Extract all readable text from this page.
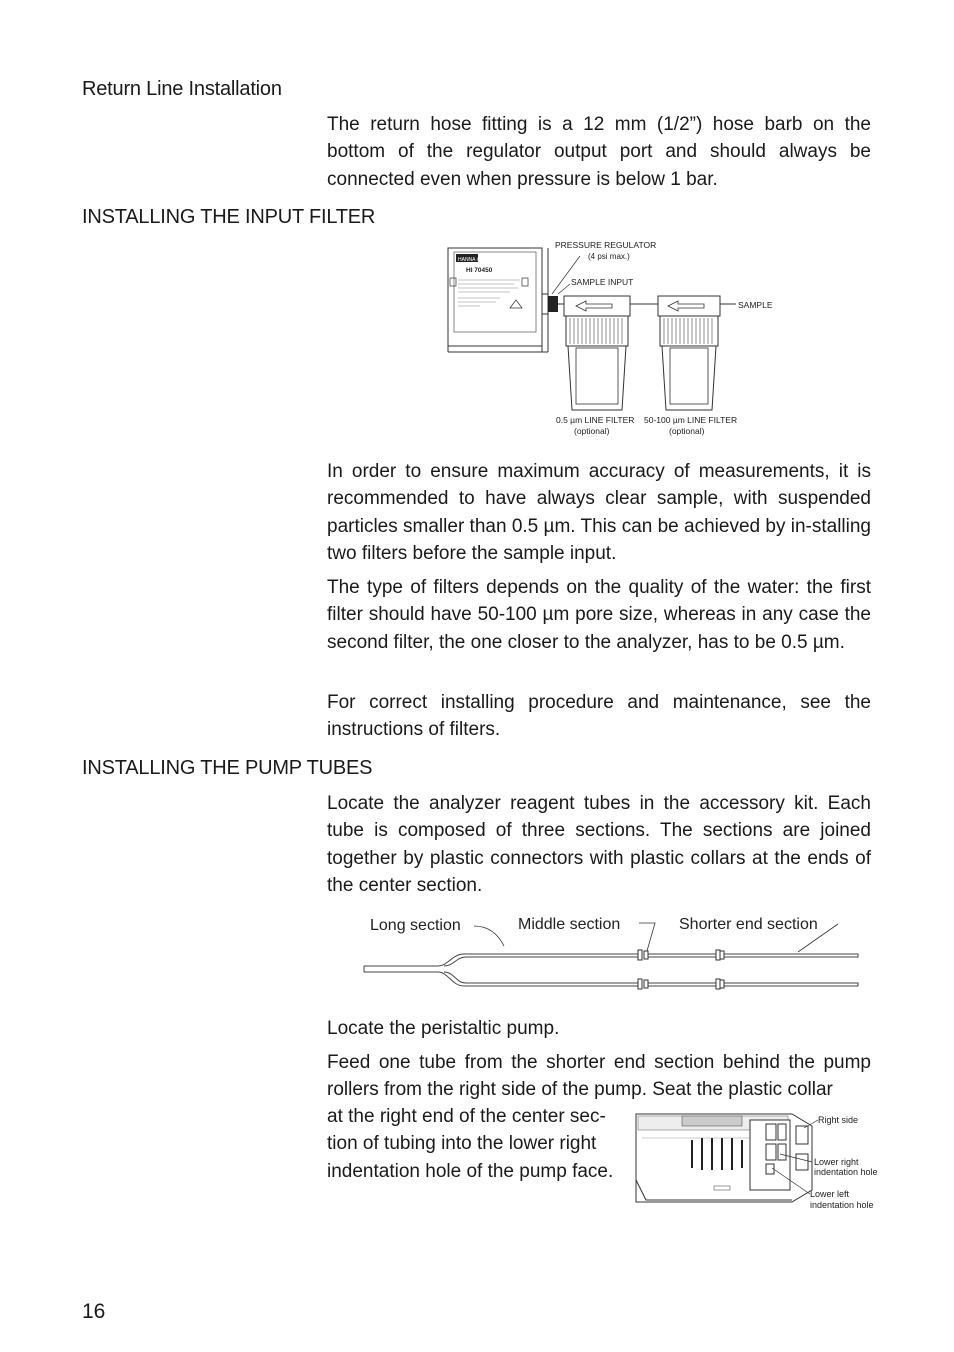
Return Line Installation

The return hose fitting is a 12 mm (1/2”) hose barb on the bottom of the regulator output port and should always be connected even when pressure is below 1 bar.

INSTALLING THE INPUT FILTER
HANNA instruments
HI 70450
PRESSURE REGULATOR
(4 psi max.)
SAMPLE INPUT
SAMPLE
0.5 µm LINE FILTER
(optional)
50-100 µm LINE FILTER
(optional)

In order to ensure maximum accuracy of measurements, it is recommended to have always clear sample, with suspended particles smaller than 0.5 µm. This can be achieved by in-stalling two filters before the sample input.

The type of filters depends on the quality of the water: the first filter should have 50-100 µm pore size, whereas in any case the second filter, the one closer to the analyzer, has to be 0.5 µm.

For correct installing procedure and maintenance, see the instructions of filters.

INSTALLING THE PUMP TUBES

Locate the analyzer reagent tubes in the accessory kit. Each tube is composed of three sections. The sections are joined together by plastic connectors with plastic collars at the ends of the center section.

Long section	Middle section	Shorter end section

Locate the peristaltic pump.

Feed one tube from the shorter end section behind the pump rollers from the right side of the pump. Seat the plastic collar

at the right end of the center sec-tion of tubing into the lower right indentation hole of the pump face.

Right side
Lower right
indentation hole
Lower left
indentation hole
16
